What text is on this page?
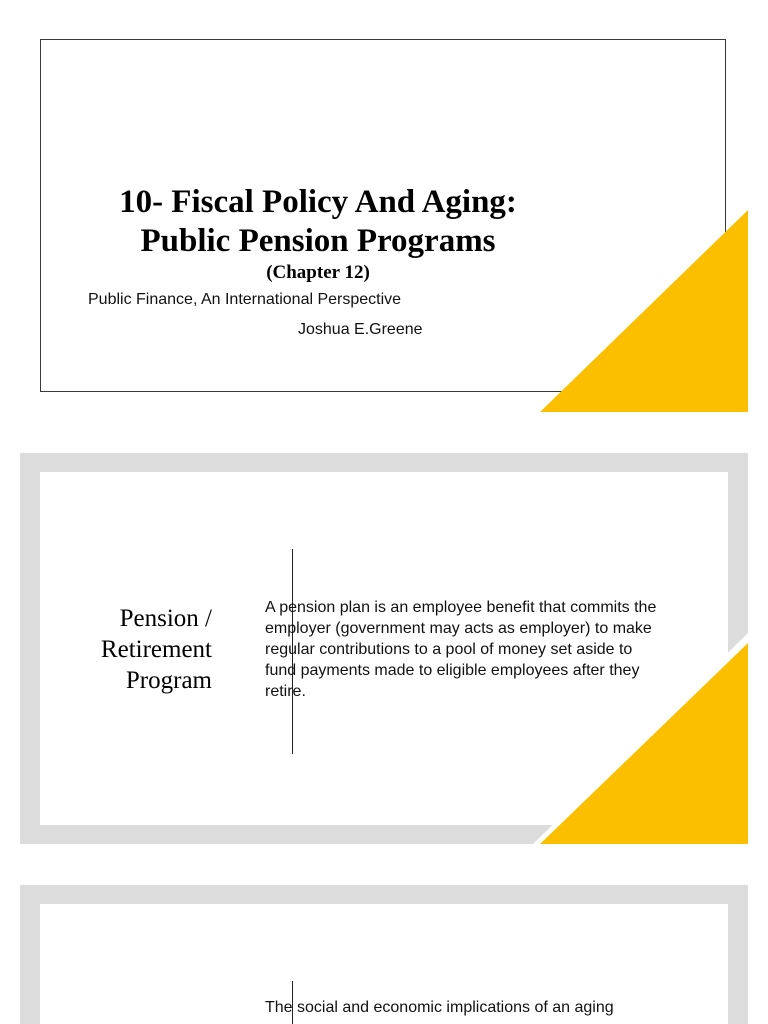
10- Fiscal Policy And Aging:
Public Pension Programs
(Chapter 12)
Public Finance, An International Perspective
Joshua E.Greene
Pension /
Retirement
Program
A pension plan is an employee benefit that commits the employer (government may acts as employer) to make regular contributions to a pool of money set aside to fund payments made to eligible employees after they retire.
The social and economic implications of an aging
